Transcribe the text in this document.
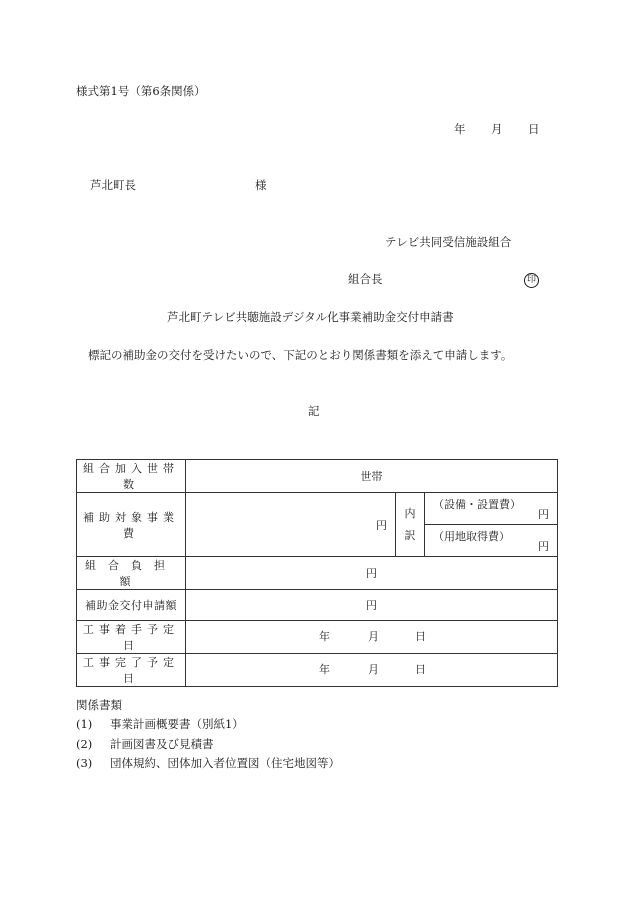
様式第1号（第6条関係）
年 月 日
芦北町長	様
テレビ共同受信施設組合
組合長	印
芦北町テレビ共聴施設デジタル化事業補助金交付申請書
標記の補助金の交付を受けたいので、下記のとおり関係書類を添えて申請します。
記
組合加入世帯数	世帯		
補助対象事業費	円	内訳	（設備・設置費）
円

			（用地取得費）
円

組合負担額	円		
補助金交付申請額	円		
工事着手予定日	年 月 日		

工事完了予定日	年 月 日		
関係書類
(1) 事業計画概要書（別紙1）
(2) 計画図書及び見積書
(3) 団体規約、団体加入者位置図（住宅地図等）
